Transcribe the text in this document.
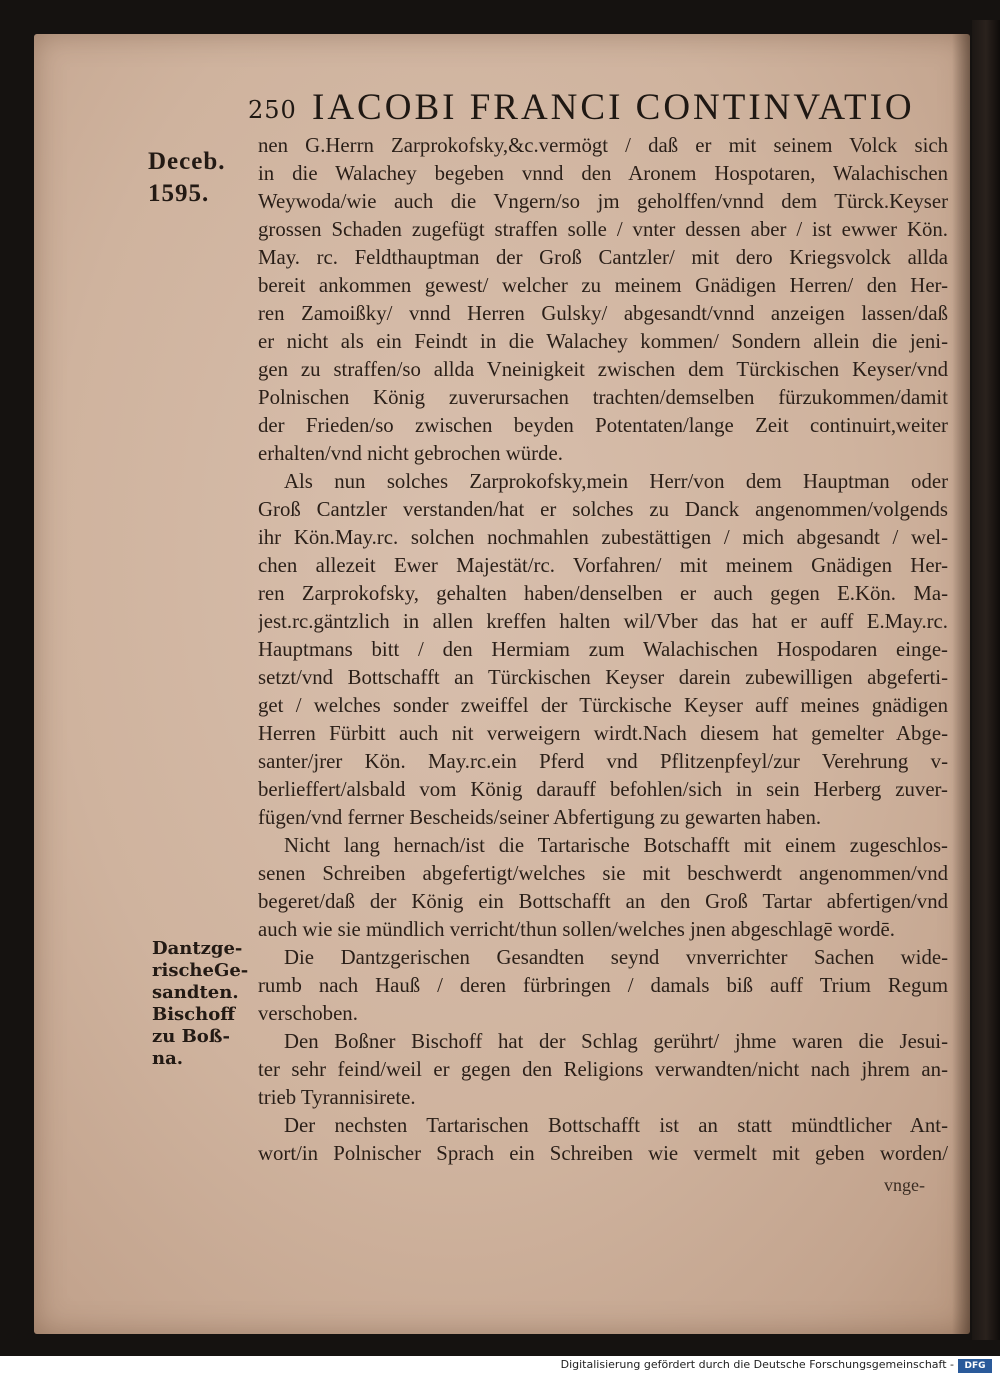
250 IACOBI FRANCI CONTINVATIO
Deceb.
1595.
Dantzge-
rischeGe-
sandten.
Bischoff
zu Boß-
na.
nen G.Herrn Zarprokofsky,&c.vermögt / daß er mit seinem Volck sich
in die Walachey begeben vnnd den Aronem Hospotaren, Walachischen
Weywoda/wie auch die Vngern/so jm geholffen/vnnd dem Türck.Keyser
grossen Schaden zugefügt straffen solle / vnter dessen aber / ist ewwer Kön.
May. rc. Feldthauptman der Groß Cantzler/ mit dero Kriegsvolck allda
bereit ankommen gewest/ welcher zu meinem Gnädigen Herren/ den Her-
ren Zamoißky/ vnnd Herren Gulsky/ abgesandt/vnnd anzeigen lassen/daß
er nicht als ein Feindt in die Walachey kommen/ Sondern allein die jeni-
gen zu straffen/so allda Vneinigkeit zwischen dem Türckischen Keyser/vnd
Polnischen König zuverursachen trachten/demselben fürzukommen/damit
der Frieden/so zwischen beyden Potentaten/lange Zeit continuirt,weiter
erhalten/vnd nicht gebrochen würde.
Als nun solches Zarprokofsky,mein Herr/von dem Hauptman oder
Groß Cantzler verstanden/hat er solches zu Danck angenommen/volgends
ihr Kön.May.rc. solchen nochmahlen zubestättigen / mich abgesandt / wel-
chen allezeit Ewer Majestät/rc. Vorfahren/ mit meinem Gnädigen Her-
ren Zarprokofsky, gehalten haben/denselben er auch gegen E.Kön. Ma-
jest.rc.gäntzlich in allen kreffen halten wil/Vber das hat er auff E.May.rc.
Hauptmans bitt / den Hermiam zum Walachischen Hospodaren einge-
setzt/vnd Bottschafft an Türckischen Keyser darein zubewilligen abgeferti-
get / welches sonder zweiffel der Türckische Keyser auff meines gnädigen
Herren Fürbitt auch nit verweigern wirdt.Nach diesem hat gemelter Abge-
santer/jrer Kön. May.rc.ein Pferd vnd Pflitzenpfeyl/zur Verehrung v-
berlieffert/alsbald vom König darauff befohlen/sich in sein Herberg zuver-
fügen/vnd ferrner Bescheids/seiner Abfertigung zu gewarten haben.
Nicht lang hernach/ist die Tartarische Botschafft mit einem zugeschlos-
senen Schreiben abgefertigt/welches sie mit beschwerdt angenommen/vnd
begeret/daß der König ein Bottschafft an den Groß Tartar abfertigen/vnd
auch wie sie mündlich verricht/thun sollen/welches jnen abgeschlagē wordē.
Die Dantzgerischen Gesandten seynd vnverrichter Sachen wide-
rumb nach Hauß / deren fürbringen / damals biß auff Trium Regum
verschoben.
Den Boßner Bischoff hat der Schlag gerührt/ jhme waren die Jesui-
ter sehr feind/weil er gegen den Religions verwandten/nicht nach jhrem an-
trieb Tyrannisirete.
Der nechsten Tartarischen Bottschafft ist an statt mündtlicher Ant-
wort/in Polnischer Sprach ein Schreiben wie vermelt mit geben worden/
vnge-
Digitalisierung gefördert durch die Deutsche Forschungsgemeinschaft -	DFG
